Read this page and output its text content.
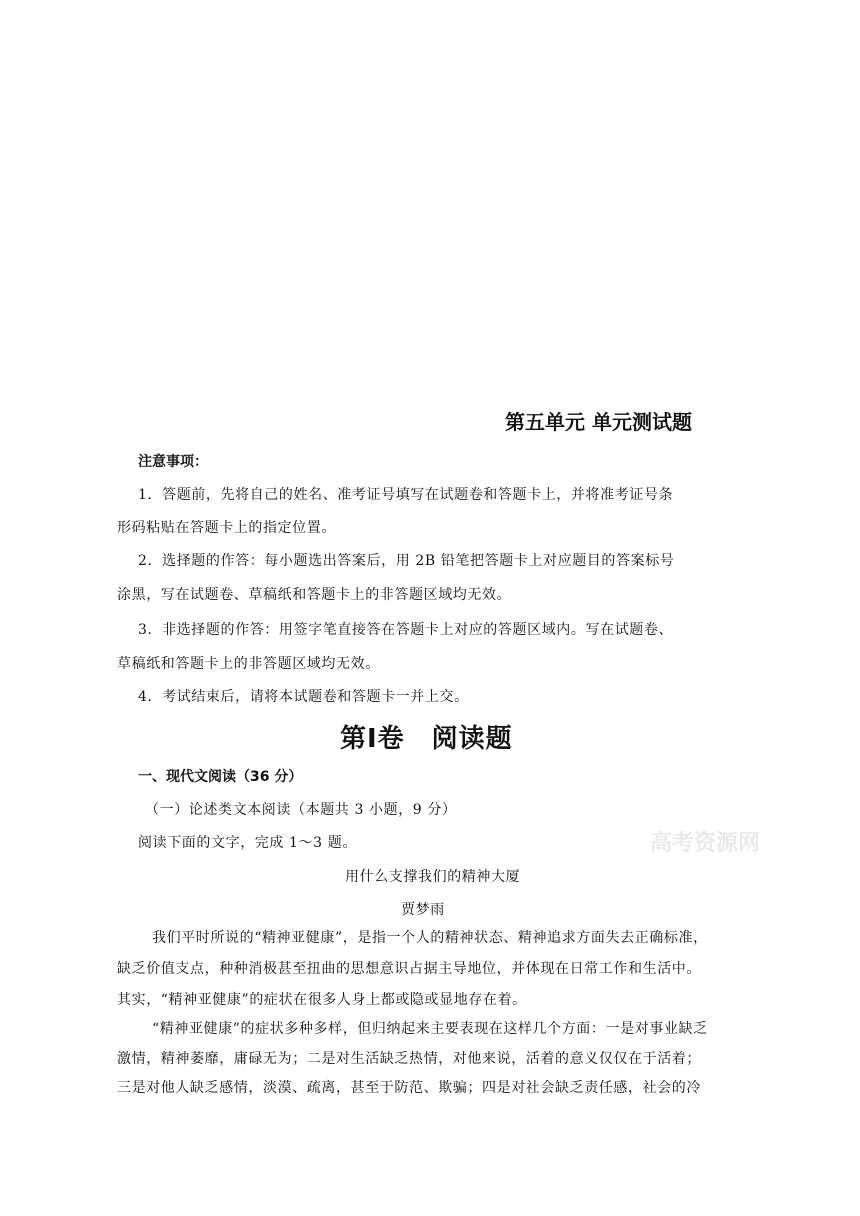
第五单元 单元测试题
注意事项：
1．答题前，先将自己的姓名、准考证号填写在试题卷和答题卡上，并将准考证号条
形码粘贴在答题卡上的指定位置。
2．选择题的作答：每小题选出答案后，用 2B 铅笔把答题卡上对应题目的答案标号
涂黑，写在试题卷、草稿纸和答题卡上的非答题区域均无效。
3．非选择题的作答：用签字笔直接答在答题卡上对应的答题区域内。写在试题卷、
草稿纸和答题卡上的非答题区域均无效。
4．考试结束后，请将本试题卷和答题卡一并上交。
第Ⅰ卷　阅读题
一、现代文阅读（36 分）
（一）论述类文本阅读（本题共 3 小题，9 分）
阅读下面的文字，完成 1～3 题。	高考资源网
用什么支撑我们的精神大厦
贾梦雨
我们平时所说的“精神亚健康”，是指一个人的精神状态、精神追求方面失去正确标准，
缺乏价值支点，种种消极甚至扭曲的思想意识占据主导地位，并体现在日常工作和生活中。
其实，“精神亚健康”的症状在很多人身上都或隐或显地存在着。
“精神亚健康”的症状多种多样，但归纳起来主要表现在这样几个方面：一是对事业缺乏
激情，精神萎靡，庸碌无为；二是对生活缺乏热情，对他来说，活着的意义仅仅在于活着；
三是对他人缺乏感情，淡漠、疏离，甚至于防范、欺骗；四是对社会缺乏责任感，社会的冷
